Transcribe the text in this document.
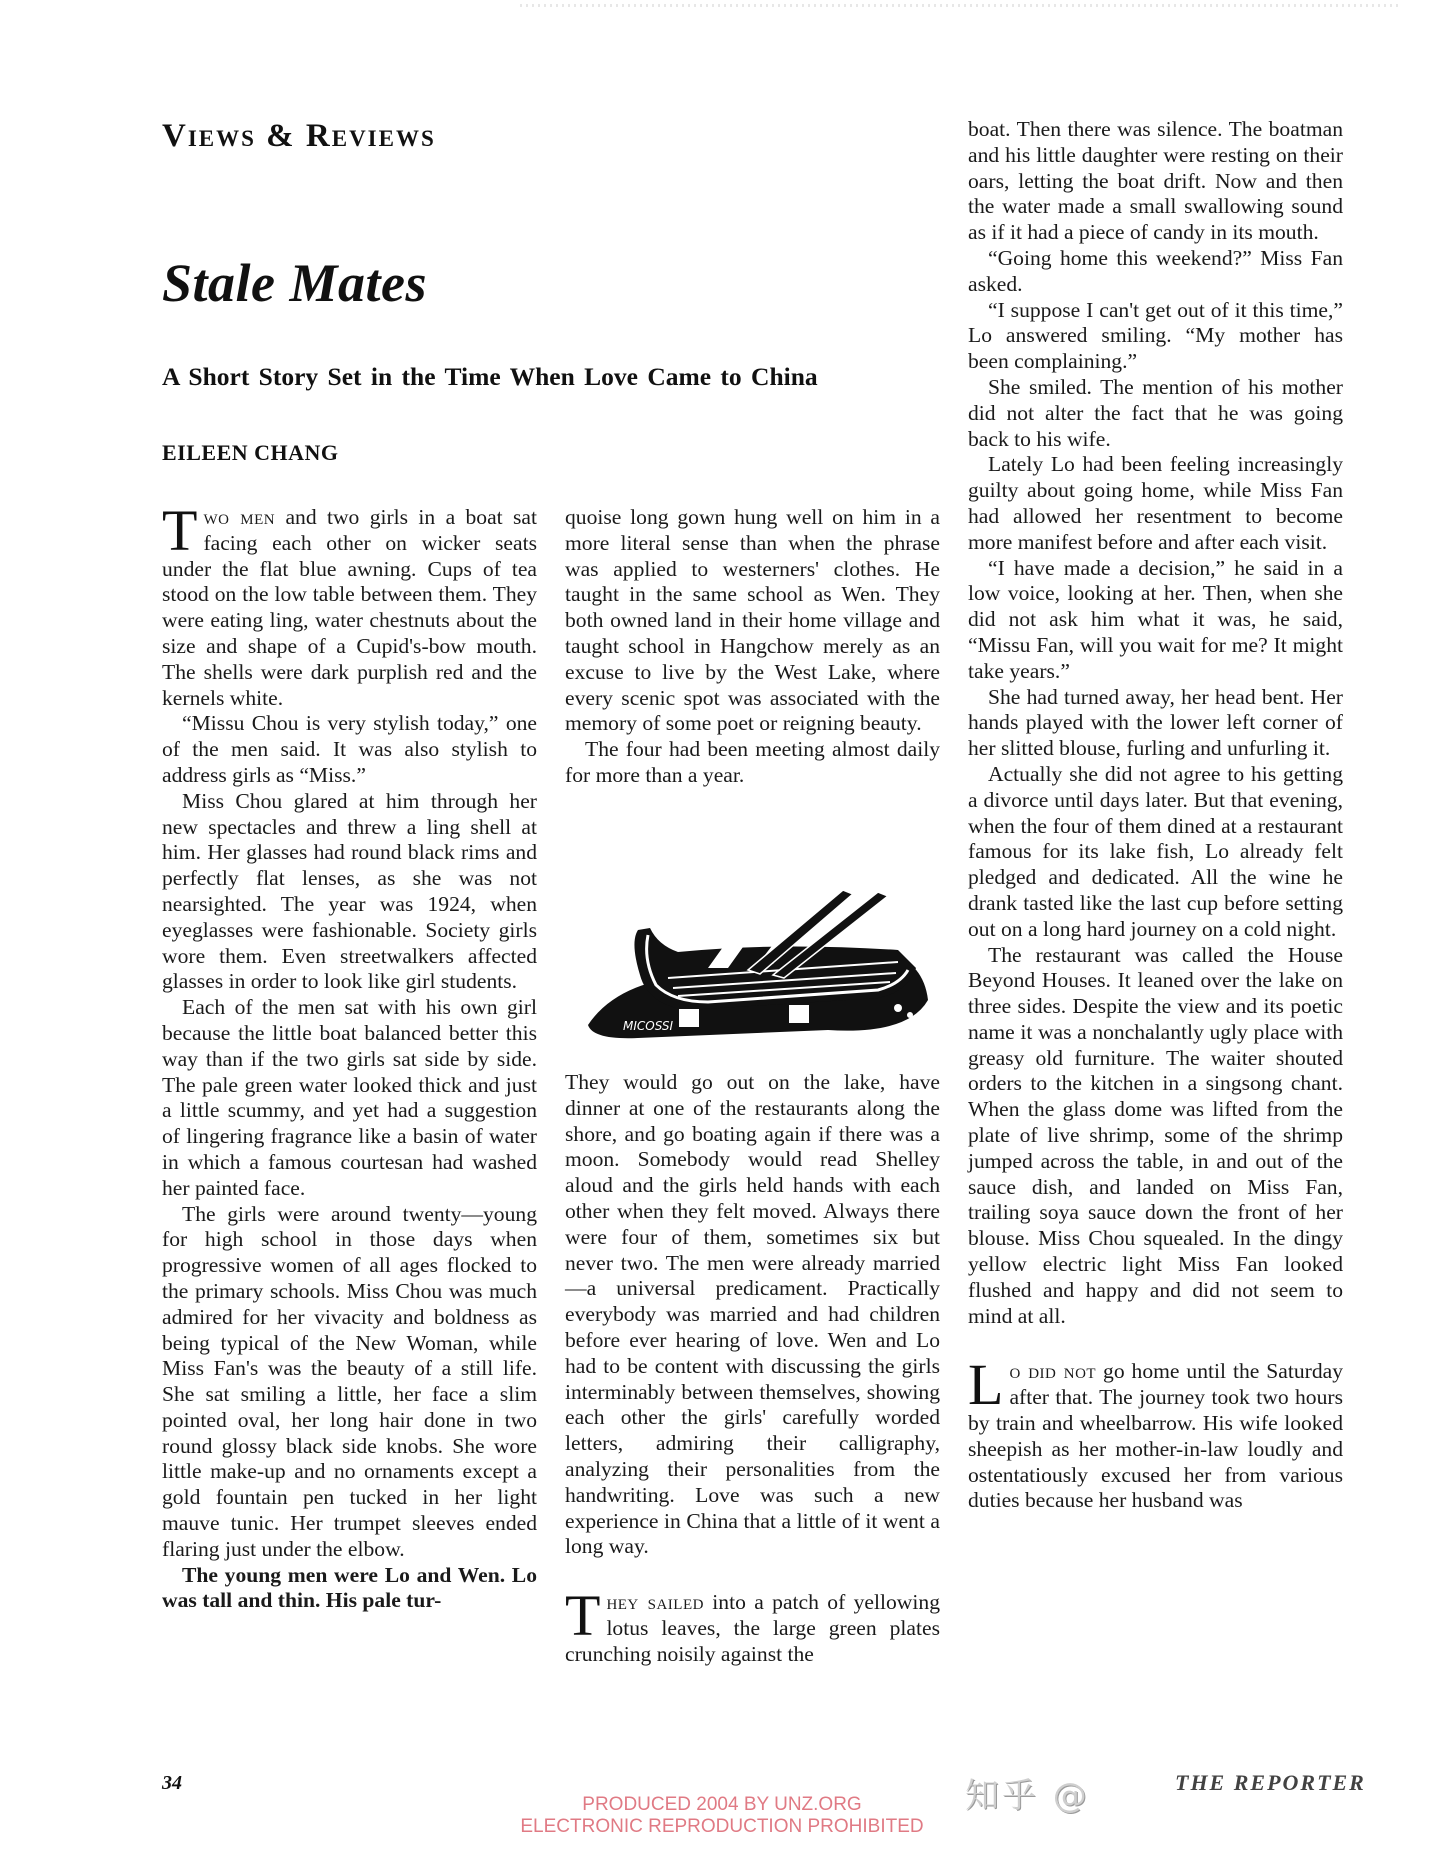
Views & Reviews
Stale Mates
A Short Story Set in the Time When Love Came to China
EILEEN CHANG

Two men and two girls in a boat sat facing each other on wicker seats under the flat blue awning. Cups of tea stood on the low table between them. They were eating ling, water chestnuts about the size and shape of a Cupid's-bow mouth. The shells were dark purplish red and the kernels white.

“Missu Chou is very stylish today,” one of the men said. It was also stylish to address girls as “Miss.”

Miss Chou glared at him through her new spectacles and threw a ling shell at him. Her glasses had round black rims and perfectly flat lenses, as she was not nearsighted. The year was 1924, when eyeglasses were fashionable. Society girls wore them. Even streetwalkers affected glasses in order to look like girl students.

Each of the men sat with his own girl because the little boat balanced better this way than if the two girls sat side by side. The pale green water looked thick and just a little scummy, and yet had a suggestion of lingering fragrance like a basin of water in which a famous courtesan had washed her painted face.

The girls were around twenty—young for high school in those days when progressive women of all ages flocked to the primary schools. Miss Chou was much admired for her vivacity and boldness as being typical of the New Woman, while Miss Fan's was the beauty of a still life. She sat smiling a little, her face a slim pointed oval, her long hair done in two round glossy black side knobs. She wore little make-up and no ornaments except a gold fountain pen tucked in her light mauve tunic. Her trumpet sleeves ended flaring just under the elbow.

The young men were Lo and Wen. Lo was tall and thin. His pale tur-

quoise long gown hung well on him in a more literal sense than when the phrase was applied to westerners' clothes. He taught in the same school as Wen. They both owned land in their home village and taught school in Hangchow merely as an excuse to live by the West Lake, where every scenic spot was associated with the memory of some poet or reigning beauty.

The four had been meeting almost daily for more than a year.

MICOSSI

They would go out on the lake, have dinner at one of the restaurants along the shore, and go boating again if there was a moon. Somebody would read Shelley aloud and the girls held hands with each other when they felt moved. Always there were four of them, sometimes six but never two. The men were already married—a universal predicament. Practically everybody was married and had children before ever hearing of love. Wen and Lo had to be content with discussing the girls interminably between themselves, showing each other the girls' carefully worded letters, admiring their calligraphy, analyzing their personalities from the handwriting. Love was such a new experience in China that a little of it went a long way.

They sailed into a patch of yellowing lotus leaves, the large green plates crunching noisily against the

boat. Then there was silence. The boatman and his little daughter were resting on their oars, letting the boat drift. Now and then the water made a small swallowing sound as if it had a piece of candy in its mouth.

“Going home this weekend?” Miss Fan asked.

“I suppose I can't get out of it this time,” Lo answered smiling. “My mother has been complaining.”

She smiled. The mention of his mother did not alter the fact that he was going back to his wife.

Lately Lo had been feeling increasingly guilty about going home, while Miss Fan had allowed her resentment to become more manifest before and after each visit.

“I have made a decision,” he said in a low voice, looking at her. Then, when she did not ask him what it was, he said, “Missu Fan, will you wait for me? It might take years.”

She had turned away, her head bent. Her hands played with the lower left corner of her slitted blouse, furling and unfurling it.

Actually she did not agree to his getting a divorce until days later. But that evening, when the four of them dined at a restaurant famous for its lake fish, Lo already felt pledged and dedicated. All the wine he drank tasted like the last cup before setting out on a long hard journey on a cold night.

The restaurant was called the House Beyond Houses. It leaned over the lake on three sides. Despite the view and its poetic name it was a nonchalantly ugly place with greasy old furniture. The waiter shouted orders to the kitchen in a singsong chant. When the glass dome was lifted from the plate of live shrimp, some of the shrimp jumped across the table, in and out of the sauce dish, and landed on Miss Fan, trailing soya sauce down the front of her blouse. Miss Chou squealed. In the dingy yellow electric light Miss Fan looked flushed and happy and did not seem to mind at all.

Lo did not go home until the Saturday after that. The journey took two hours by train and wheelbarrow. His wife looked sheepish as her mother-in-law loudly and ostentatiously excused her from various duties because her husband was

34	知乎 @	THE REPORTER
PRODUCED 2004 BY UNZ.ORG
ELECTRONIC REPRODUCTION PROHIBITED
